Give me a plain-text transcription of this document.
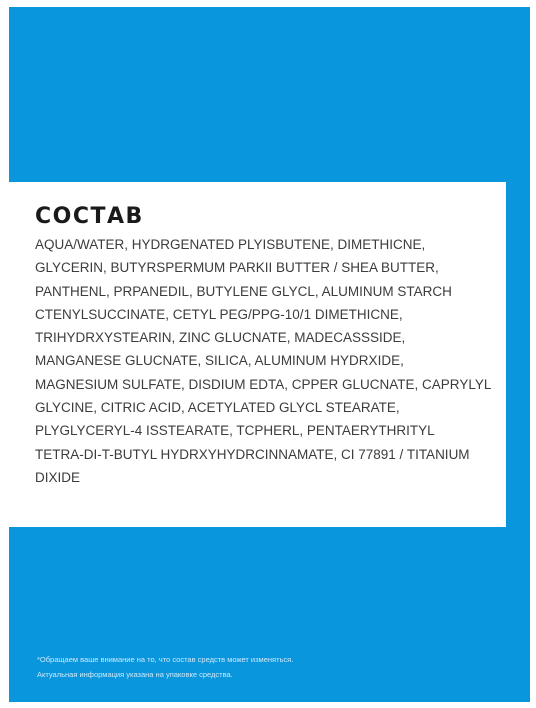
СОСТАВ
AQUA/WATER, HYDRGENATED PLYISBUTENE, DIMETHICNE,
GLYCERIN, BUTYRSPERMUM PARKII BUTTER / SHEA BUTTER,
PANTHENL, PRPANEDIL, BUTYLENE GLYCL, ALUMINUM STARCH
CTENYLSUCCINATE, CETYL PEG/PPG-10/1 DIMETHICNE,
TRIHYDRXYSTEARIN, ZINC GLUCNATE, MADECASSSIDE,
MANGANESE GLUCNATE, SILICA, ALUMINUM HYDRXIDE,
MAGNESIUM SULFATE, DISDIUM EDTA, CPPER GLUCNATE, CAPRYLYL
GLYCINE, CITRIC ACID, ACETYLATED GLYCL STEARATE,
PLYGLYCERYL-4 ISSTEARATE, TCPHERL, PENTAERYTHRITYL
TETRA-DI-T-BUTYL HYDRXYHYDRCINNAMATE, CI 77891 / TITANIUM
DIXIDE
*Обращаем ваше внимание на то, что состав средств может изменяться.
Актуальная информация указана на упаковке средства.
